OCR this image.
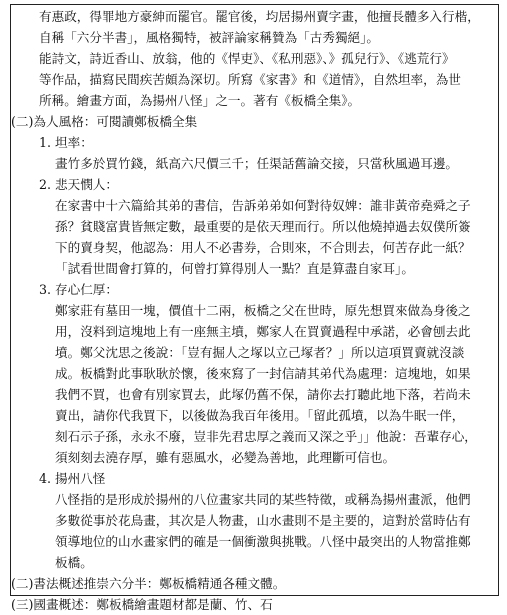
有惠政，得罪地方豪紳而罷官。罷官後，均居揚州賣字畫，他擅長體多入行楷，
自稱「六分半書」，風格獨特，被評論家稱贊為「古秀獨絕」。
能詩文，詩近香山、放翁，他的《悍吏》、《私刑惡》、》孤兒行》、《逃荒行》
等作品，描寫民間疾苦頗為深切。所寫《家書》和《道情》，自然坦率，為世
所稱。繪畫方面，為揚州八怪」之一。著有《板橋全集》。
(二)為人風格：可閱讀鄭板橋全集
1. 坦率：
畫竹多於買竹錢，紙高六尺價三千；任渠話舊論交接，只當秋風過耳邊。
2. 悲天憫人：
在家書中十六篇給其弟的書信，告訴弟弟如何對待奴婢：誰非黃帝堯舜之子
孫？貧賤富貴皆無定數，最重要的是依天理而行。所以他燒掉過去奴僕所簽
下的賣身契，他認為：用人不必書券，合則來，不合則去，何苦存此一紙？
「試看世間會打算的，何曾打算得別人一點？直是算盡自家耳」。
3. 存心仁厚：
鄭家莊有墓田一塊，價值十二兩，板橋之父在世時，原先想買來做為身後之
用，沒料到這塊地上有一座無主墳，鄭家人在買賣過程中承諾，必會刨去此
墳。鄭父沈思之後說：「豈有掘人之塚以立己塚者？」所以這項買賣就沒談
成。板橋對此事耿耿於懷，後來寫了一封信請其弟代為處理：這塊地，如果
我們不買，也會有別家買去，此塚仍舊不保，請你去打聽此地下落，若尚未
賣出，請你代我買下，以後做為我百年後用。「留此孤墳，以為牛眠一伴，
刻石示子孫，永永不廢，豈非先君忠厚之義而又深之乎」」他說：吾輩存心，
須刻刻去澆存厚，雖有惡風水，必變為善地，此理斷可信也。
4. 揚州八怪
八怪指的是形成於揚州的八位畫家共同的某些特徵，或稱為揚州畫派，他們
多數從事於花鳥畫，其次是人物畫，山水畫則不是主要的，這對於當時佔有
領導地位的山水畫家們的確是一個衝激與挑戰。八怪中最突出的人物當推鄭
板橋。
(二)書法概述推崇六分半：鄭板橋精通各種文體。
(三)國畫概述：鄭板橋繪畫題材都是蘭、竹、石
